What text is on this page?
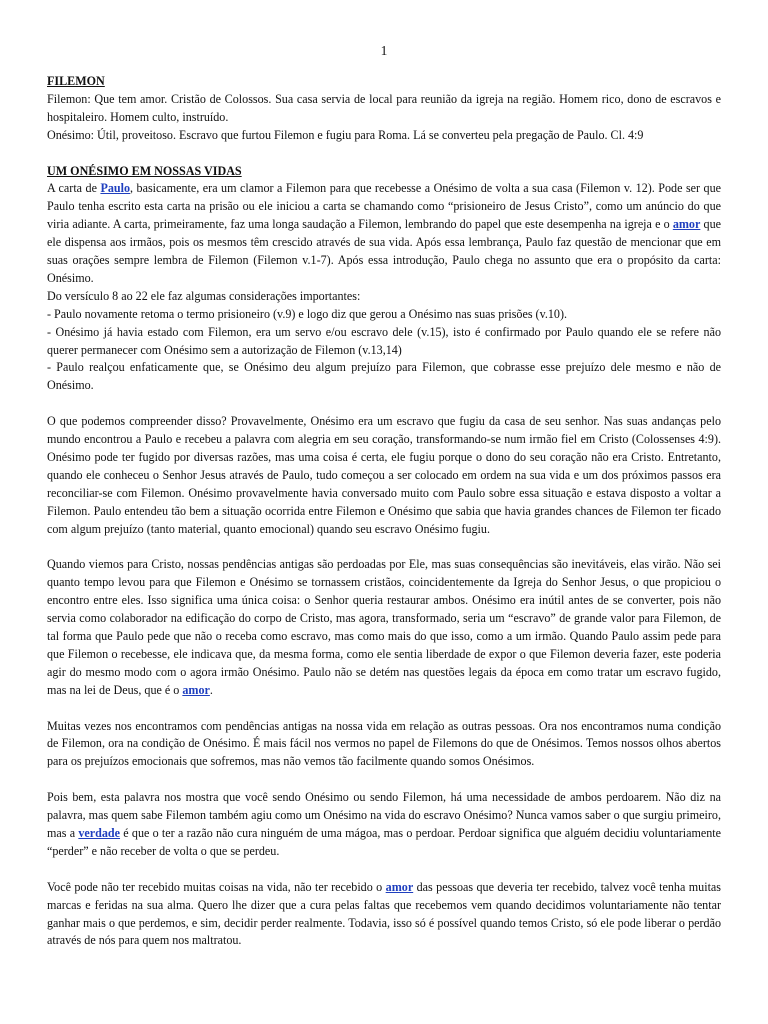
1

FILEMON

Filemon: Que tem amor. Cristão de Colossos. Sua casa servia de local para reunião da igreja na região. Homem rico, dono de escravos e hospitaleiro. Homem culto, instruído.

Onésimo: Útil, proveitoso. Escravo que furtou Filemon e fugiu para Roma. Lá se converteu pela pregação de Paulo. Cl. 4:9

UM ONÉSIMO EM NOSSAS VIDAS

A carta de Paulo, basicamente, era um clamor a Filemon para que recebesse a Onésimo de volta a sua casa (Filemon v. 12). Pode ser que Paulo tenha escrito esta carta na prisão ou ele iniciou a carta se chamando como “prisioneiro de Jesus Cristo”, como um anúncio do que viria adiante. A carta, primeiramente, faz uma longa saudação a Filemon, lembrando do papel que este desempenha na igreja e o amor que ele dispensa aos irmãos, pois os mesmos têm crescido através de sua vida. Após essa lembrança, Paulo faz questão de mencionar que em suas orações sempre lembra de Filemon (Filemon v.1-7). Após essa introdução, Paulo chega no assunto que era o propósito da carta: Onésimo.

Do versículo 8 ao 22 ele faz algumas considerações importantes:

- Paulo novamente retoma o termo prisioneiro (v.9) e logo diz que gerou a Onésimo nas suas prisões (v.10).

- Onésimo já havia estado com Filemon, era um servo e/ou escravo dele (v.15), isto é confirmado por Paulo quando ele se refere não querer permanecer com Onésimo sem a autorização de Filemon (v.13,14)

- Paulo realçou enfaticamente que, se Onésimo deu algum prejuízo para Filemon, que cobrasse esse prejuízo dele mesmo e não de Onésimo.

O que podemos compreender disso? Provavelmente, Onésimo era um escravo que fugiu da casa de seu senhor. Nas suas andanças pelo mundo encontrou a Paulo e recebeu a palavra com alegria em seu coração, transformando-se num irmão fiel em Cristo (Colossenses 4:9). Onésimo pode ter fugido por diversas razões, mas uma coisa é certa, ele fugiu porque o dono do seu coração não era Cristo. Entretanto, quando ele conheceu o Senhor Jesus através de Paulo, tudo começou a ser colocado em ordem na sua vida e um dos próximos passos era reconciliar-se com Filemon. Onésimo provavelmente havia conversado muito com Paulo sobre essa situação e estava disposto a voltar a Filemon. Paulo entendeu tão bem a situação ocorrida entre Filemon e Onésimo que sabia que havia grandes chances de Filemon ter ficado com algum prejuízo (tanto material, quanto emocional) quando seu escravo Onésimo fugiu.

Quando viemos para Cristo, nossas pendências antigas são perdoadas por Ele, mas suas consequências são inevitáveis, elas virão. Não sei quanto tempo levou para que Filemon e Onésimo se tornassem cristãos, coincidentemente da Igreja do Senhor Jesus, o que propiciou o encontro entre eles. Isso significa uma única coisa: o Senhor queria restaurar ambos. Onésimo era inútil antes de se converter, pois não servia como colaborador na edificação do corpo de Cristo, mas agora, transformado, seria um “escravo” de grande valor para Filemon, de tal forma que Paulo pede que não o receba como escravo, mas como mais do que isso, como a um irmão. Quando Paulo assim pede para que Filemon o recebesse, ele indicava que, da mesma forma, como ele sentia liberdade de expor o que Filemon deveria fazer, este poderia agir do mesmo modo com o agora irmão Onésimo. Paulo não se detém nas questões legais da época em como tratar um escravo fugido, mas na lei de Deus, que é o amor.

Muitas vezes nos encontramos com pendências antigas na nossa vida em relação as outras pessoas. Ora nos encontramos numa condição de Filemon, ora na condição de Onésimo. É mais fácil nos vermos no papel de Filemons do que de Onésimos. Temos nossos olhos abertos para os prejuízos emocionais que sofremos, mas não vemos tão facilmente quando somos Onésimos.

Pois bem, esta palavra nos mostra que você sendo Onésimo ou sendo Filemon, há uma necessidade de ambos perdoarem. Não diz na palavra, mas quem sabe Filemon também agiu como um Onésimo na vida do escravo Onésimo? Nunca vamos saber o que surgiu primeiro, mas a verdade é que o ter a razão não cura ninguém de uma mágoa, mas o perdoar. Perdoar significa que alguém decidiu voluntariamente “perder” e não receber de volta o que se perdeu.

Você pode não ter recebido muitas coisas na vida, não ter recebido o amor das pessoas que deveria ter recebido, talvez você tenha muitas marcas e feridas na sua alma. Quero lhe dizer que a cura pelas faltas que recebemos vem quando decidimos voluntariamente não tentar ganhar mais o que perdemos, e sim, decidir perder realmente. Todavia, isso só é possível quando temos Cristo, só ele pode liberar o perdão através de nós para quem nos maltratou.
